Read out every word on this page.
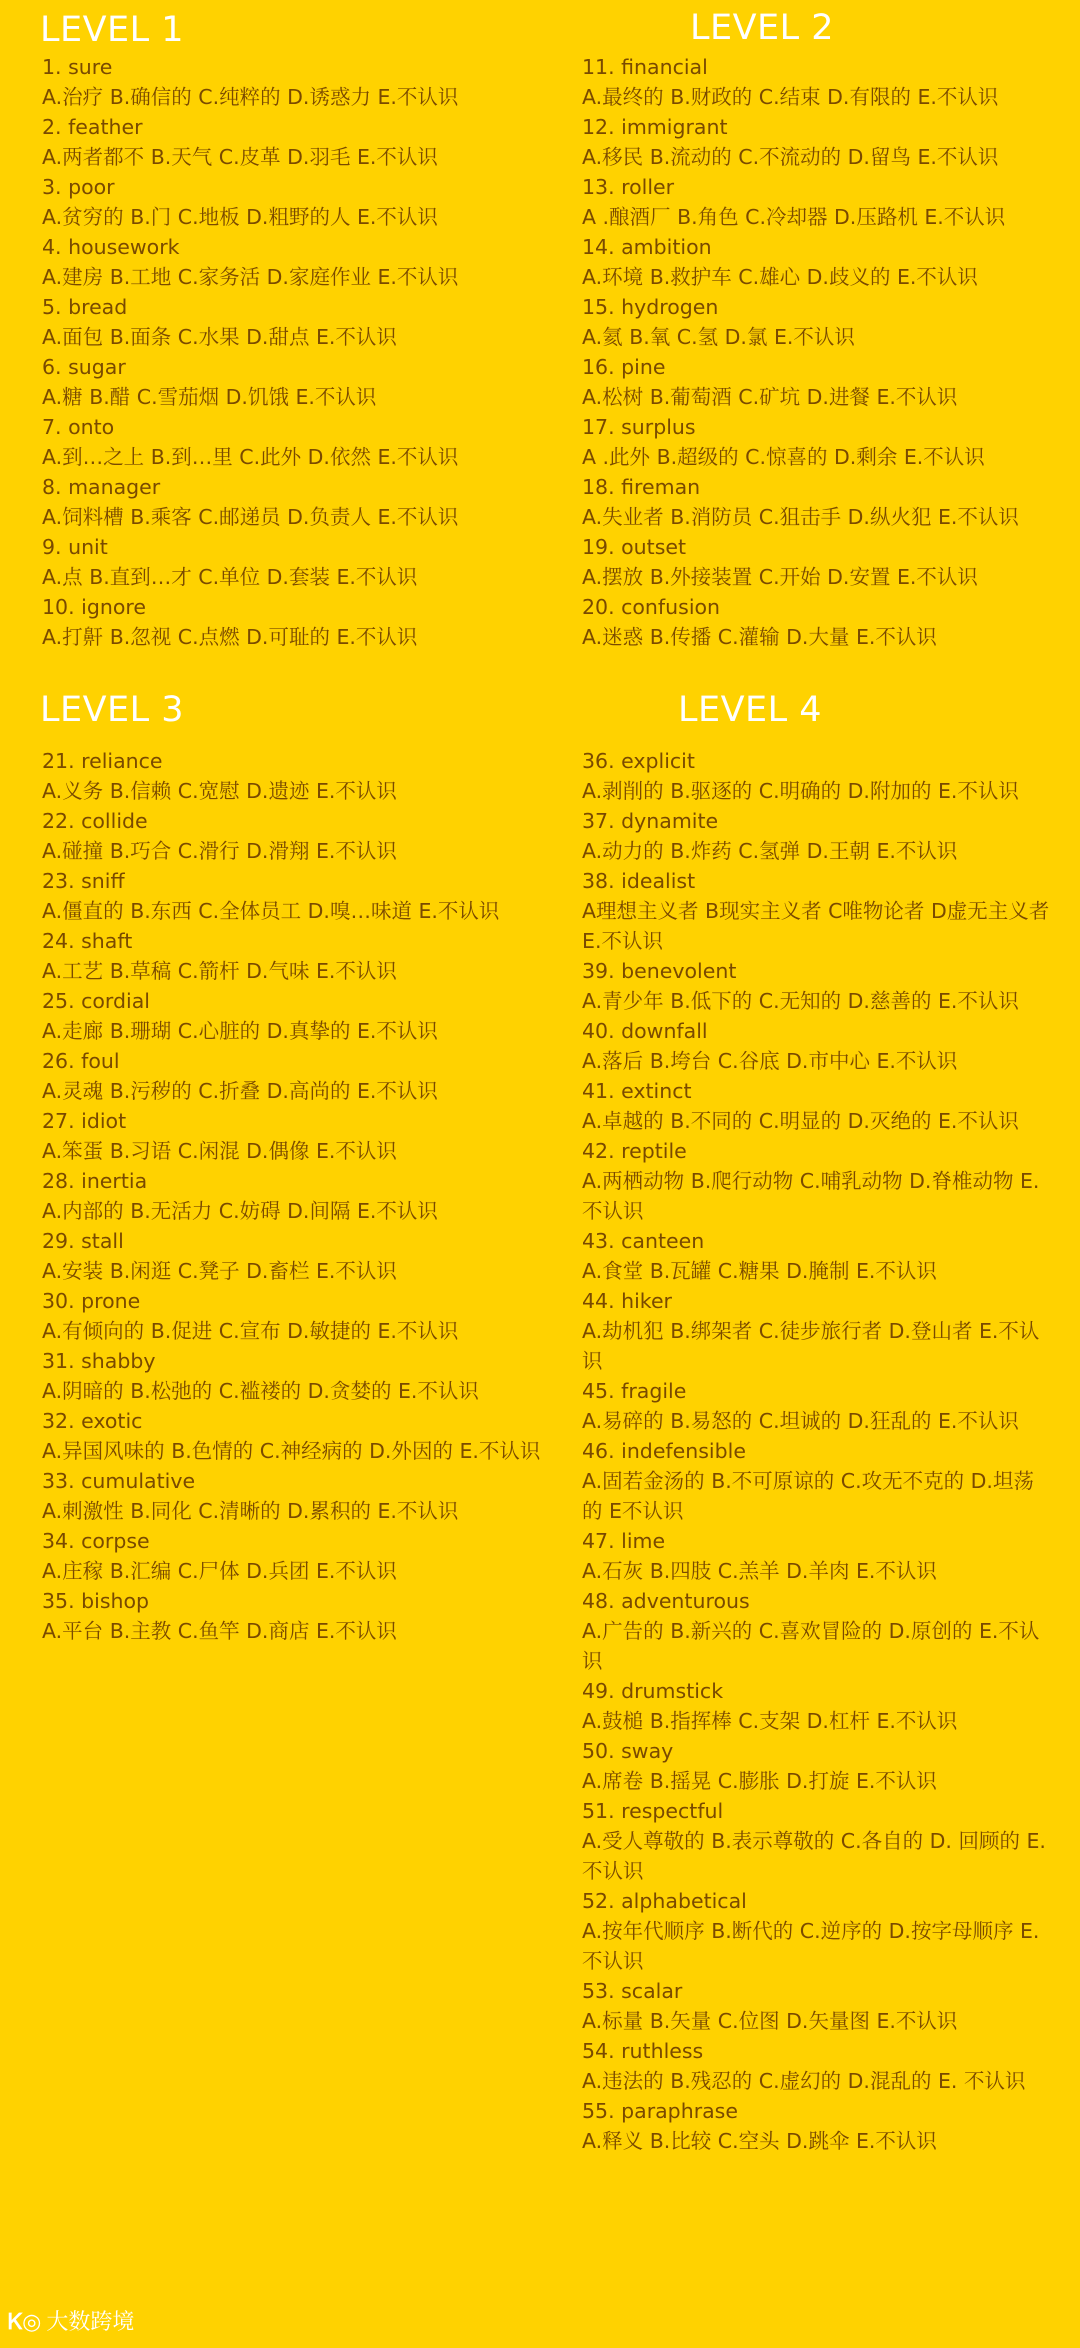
LEVEL 1	LEVEL 2
LEVEL 3	LEVEL 4
1. sure
A.治疗 B.确信的 C.纯粹的 D.诱惑力 E.不认识
2. feather
A.两者都不 B.天气 C.皮革 D.羽毛 E.不认识
3. poor
A.贫穷的 B.门 C.地板 D.粗野的人 E.不认识
4. housework
A.建房 B.工地 C.家务活 D.家庭作业 E.不认识
5. bread
A.面包 B.面条 C.水果 D.甜点 E.不认识
6. sugar
A.糖 B.醋 C.雪茄烟 D.饥饿 E.不认识
7. onto
A.到…之上 B.到…里 C.此外 D.依然 E.不认识
8. manager
A.饲料槽 B.乘客 C.邮递员 D.负责人 E.不认识
9. unit
A.点 B.直到…才 C.单位 D.套装 E.不认识
10. ignore
A.打鼾 B.忽视 C.点燃 D.可耻的 E.不认识
11. financial
A.最终的 B.财政的 C.结束 D.有限的 E.不认识
12. immigrant
A.移民 B.流动的 C.不流动的 D.留鸟 E.不认识
13. roller
A .酿酒厂 B.角色 C.冷却器 D.压路机 E.不认识
14. ambition
A.环境 B.救护车 C.雄心 D.歧义的 E.不认识
15. hydrogen
A.氦 B.氧 C.氢 D.氯 E.不认识
16. pine
A.松树 B.葡萄酒 C.矿坑 D.进餐 E.不认识
17. surplus
A .此外 B.超级的 C.惊喜的 D.剩余 E.不认识
18. fireman
A.失业者 B.消防员 C.狙击手 D.纵火犯 E.不认识
19. outset
A.摆放 B.外接装置 C.开始 D.安置 E.不认识
20. confusion
A.迷惑 B.传播 C.灌输 D.大量 E.不认识
21. reliance
A.义务 B.信赖 C.宽慰 D.遗迹 E.不认识
22. collide
A.碰撞 B.巧合 C.滑行 D.滑翔 E.不认识
23. sniff
A.僵直的 B.东西 C.全体员工 D.嗅…味道 E.不认识
24. shaft
A.工艺 B.草稿 C.箭杆 D.气味 E.不认识
25. cordial
A.走廊 B.珊瑚 C.心脏的 D.真挚的 E.不认识
26. foul
A.灵魂 B.污秽的 C.折叠 D.高尚的 E.不认识
27. idiot
A.笨蛋 B.习语 C.闲混 D.偶像 E.不认识
28. inertia
A.内部的 B.无活力 C.妨碍 D.间隔 E.不认识
29. stall
A.安装 B.闲逛 C.凳子 D.畜栏 E.不认识
30. prone
A.有倾向的 B.促进 C.宣布 D.敏捷的 E.不认识
31. shabby
A.阴暗的 B.松弛的 C.褴褛的 D.贪婪的 E.不认识
32. exotic
A.异国风味的 B.色情的 C.神经病的 D.外因的 E.不认识
33. cumulative
A.刺激性 B.同化 C.清晰的 D.累积的 E.不认识
34. corpse
A.庄稼 B.汇编 C.尸体 D.兵团 E.不认识
35. bishop
A.平台 B.主教 C.鱼竿 D.商店 E.不认识
36. explicit
A.剥削的 B.驱逐的 C.明确的 D.附加的 E.不认识
37. dynamite
A.动力的 B.炸药 C.氢弹 D.王朝 E.不认识
38. idealist
A理想主义者 B现实主义者 C唯物论者 D虚无主义者 E.不认识
39. benevolent
A.青少年 B.低下的 C.无知的 D.慈善的 E.不认识
40. downfall
A.落后 B.垮台 C.谷底 D.市中心 E.不认识
41. extinct
A.卓越的 B.不同的 C.明显的 D.灭绝的 E.不认识
42. reptile
A.两栖动物 B.爬行动物 C.哺乳动物 D.脊椎动物 E.不认识
43. canteen
A.食堂 B.瓦罐 C.糖果 D.腌制 E.不认识
44. hiker
A.劫机犯 B.绑架者 C.徒步旅行者 D.登山者 E.不认识
45. fragile
A.易碎的 B.易怒的 C.坦诚的 D.狂乱的 E.不认识
46. indefensible
A.固若金汤的 B.不可原谅的 C.攻无不克的 D.坦荡的 E不认识
47. lime
A.石灰 B.四肢 C.羔羊 D.羊肉 E.不认识
48. adventurous
A.广告的 B.新兴的 C.喜欢冒险的 D.原创的 E.不认识
49. drumstick
A.鼓槌 B.指挥棒 C.支架 D.杠杆 E.不认识
50. sway
A.席卷 B.摇晃 C.膨胀 D.打旋 E.不认识
51. respectful
A.受人尊敬的 B.表示尊敬的 C.各自的 D. 回顾的 E.不认识
52. alphabetical
A.按年代顺序 B.断代的 C.逆序的 D.按字母顺序 E.不认识
53. scalar
A.标量 B.矢量 C.位图 D.矢量图 E.不认识
54. ruthless
A.违法的 B.残忍的 C.虚幻的 D.混乱的 E. 不认识
55. paraphrase
A.释义 B.比较 C.空头 D.跳伞 E.不认识
Ꮶ◎ 大数跨境
